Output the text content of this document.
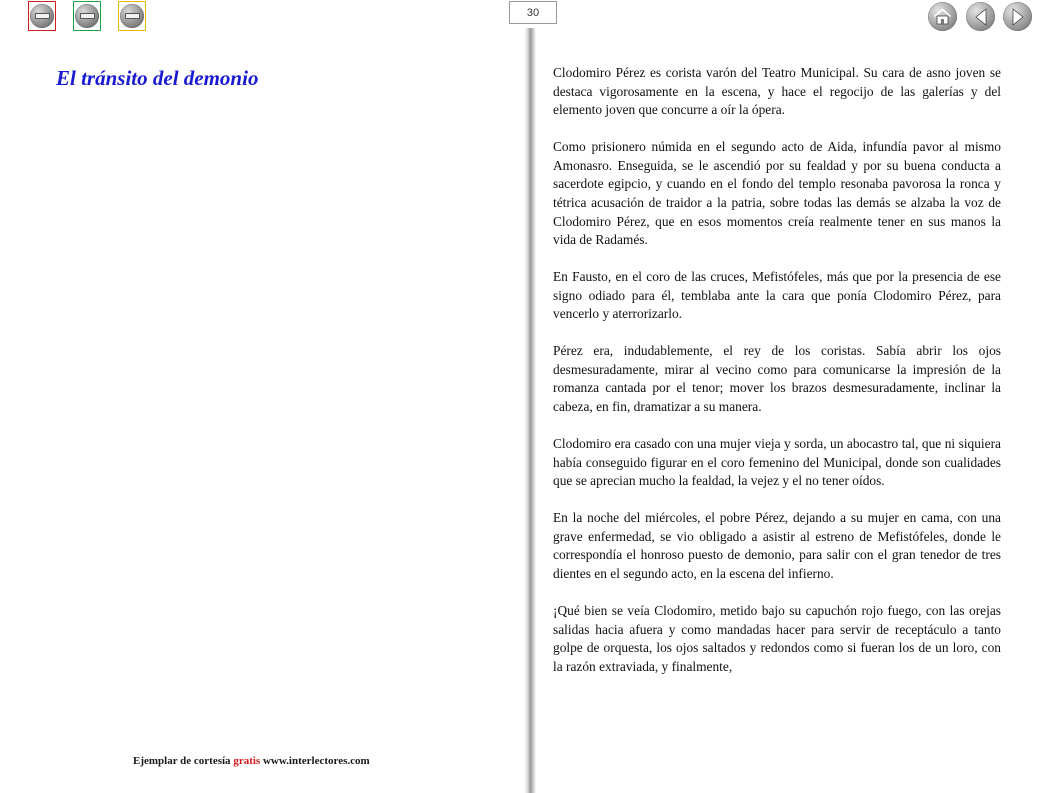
30
El tránsito del demonio
Ejemplar de cortesía gratis www.interlectores.com

Clodomiro Pérez es corista varón del Teatro Municipal. Su cara de asno joven se destaca vigorosamente en la escena, y hace el regocijo de las galerías y del elemento joven que concurre a oír la ópera.

Como prisionero númida en el segundo acto de Aida, infundía pavor al mismo Amonasro. Enseguida, se le ascendió por su fealdad y por su buena conducta a sacerdote egipcio, y cuando en el fondo del templo resonaba pavorosa la ronca y tétrica acusación de traidor a la patria, sobre todas las demás se alzaba la voz de Clodomiro Pérez, que en esos momentos creía realmente tener en sus manos la vida de Radamés.

En Fausto, en el coro de las cruces, Mefistófeles, más que por la presencia de ese signo odiado para él, temblaba ante la cara que ponía Clodomiro Pérez, para vencerlo y aterrorizarlo.

Pérez era, indudablemente, el rey de los coristas. Sabía abrir los ojos desmesuradamente, mirar al vecino como para comunicarse la impresión de la romanza cantada por el tenor; mover los brazos desmesuradamente, inclinar la cabeza, en fin, dramatizar a su manera.

Clodomiro era casado con una mujer vieja y sorda, un abocastro tal, que ni siquiera había conseguido figurar en el coro femenino del Municipal, donde son cualidades que se aprecian mucho la fealdad, la vejez y el no tener oídos.

En la noche del miércoles, el pobre Pérez, dejando a su mujer en cama, con una grave enfermedad, se vio obligado a asistir al estreno de Mefistófeles, donde le correspondía el honroso puesto de demonio, para salir con el gran tenedor de tres dientes en el segundo acto, en la escena del infierno.

¡Qué bien se veía Clodomiro, metido bajo su capuchón rojo fuego, con las orejas salidas hacia afuera y como mandadas hacer para servir de receptáculo a tanto golpe de orquesta, los ojos saltados y redondos como si fueran los de un loro, con la razón extraviada, y finalmente,
